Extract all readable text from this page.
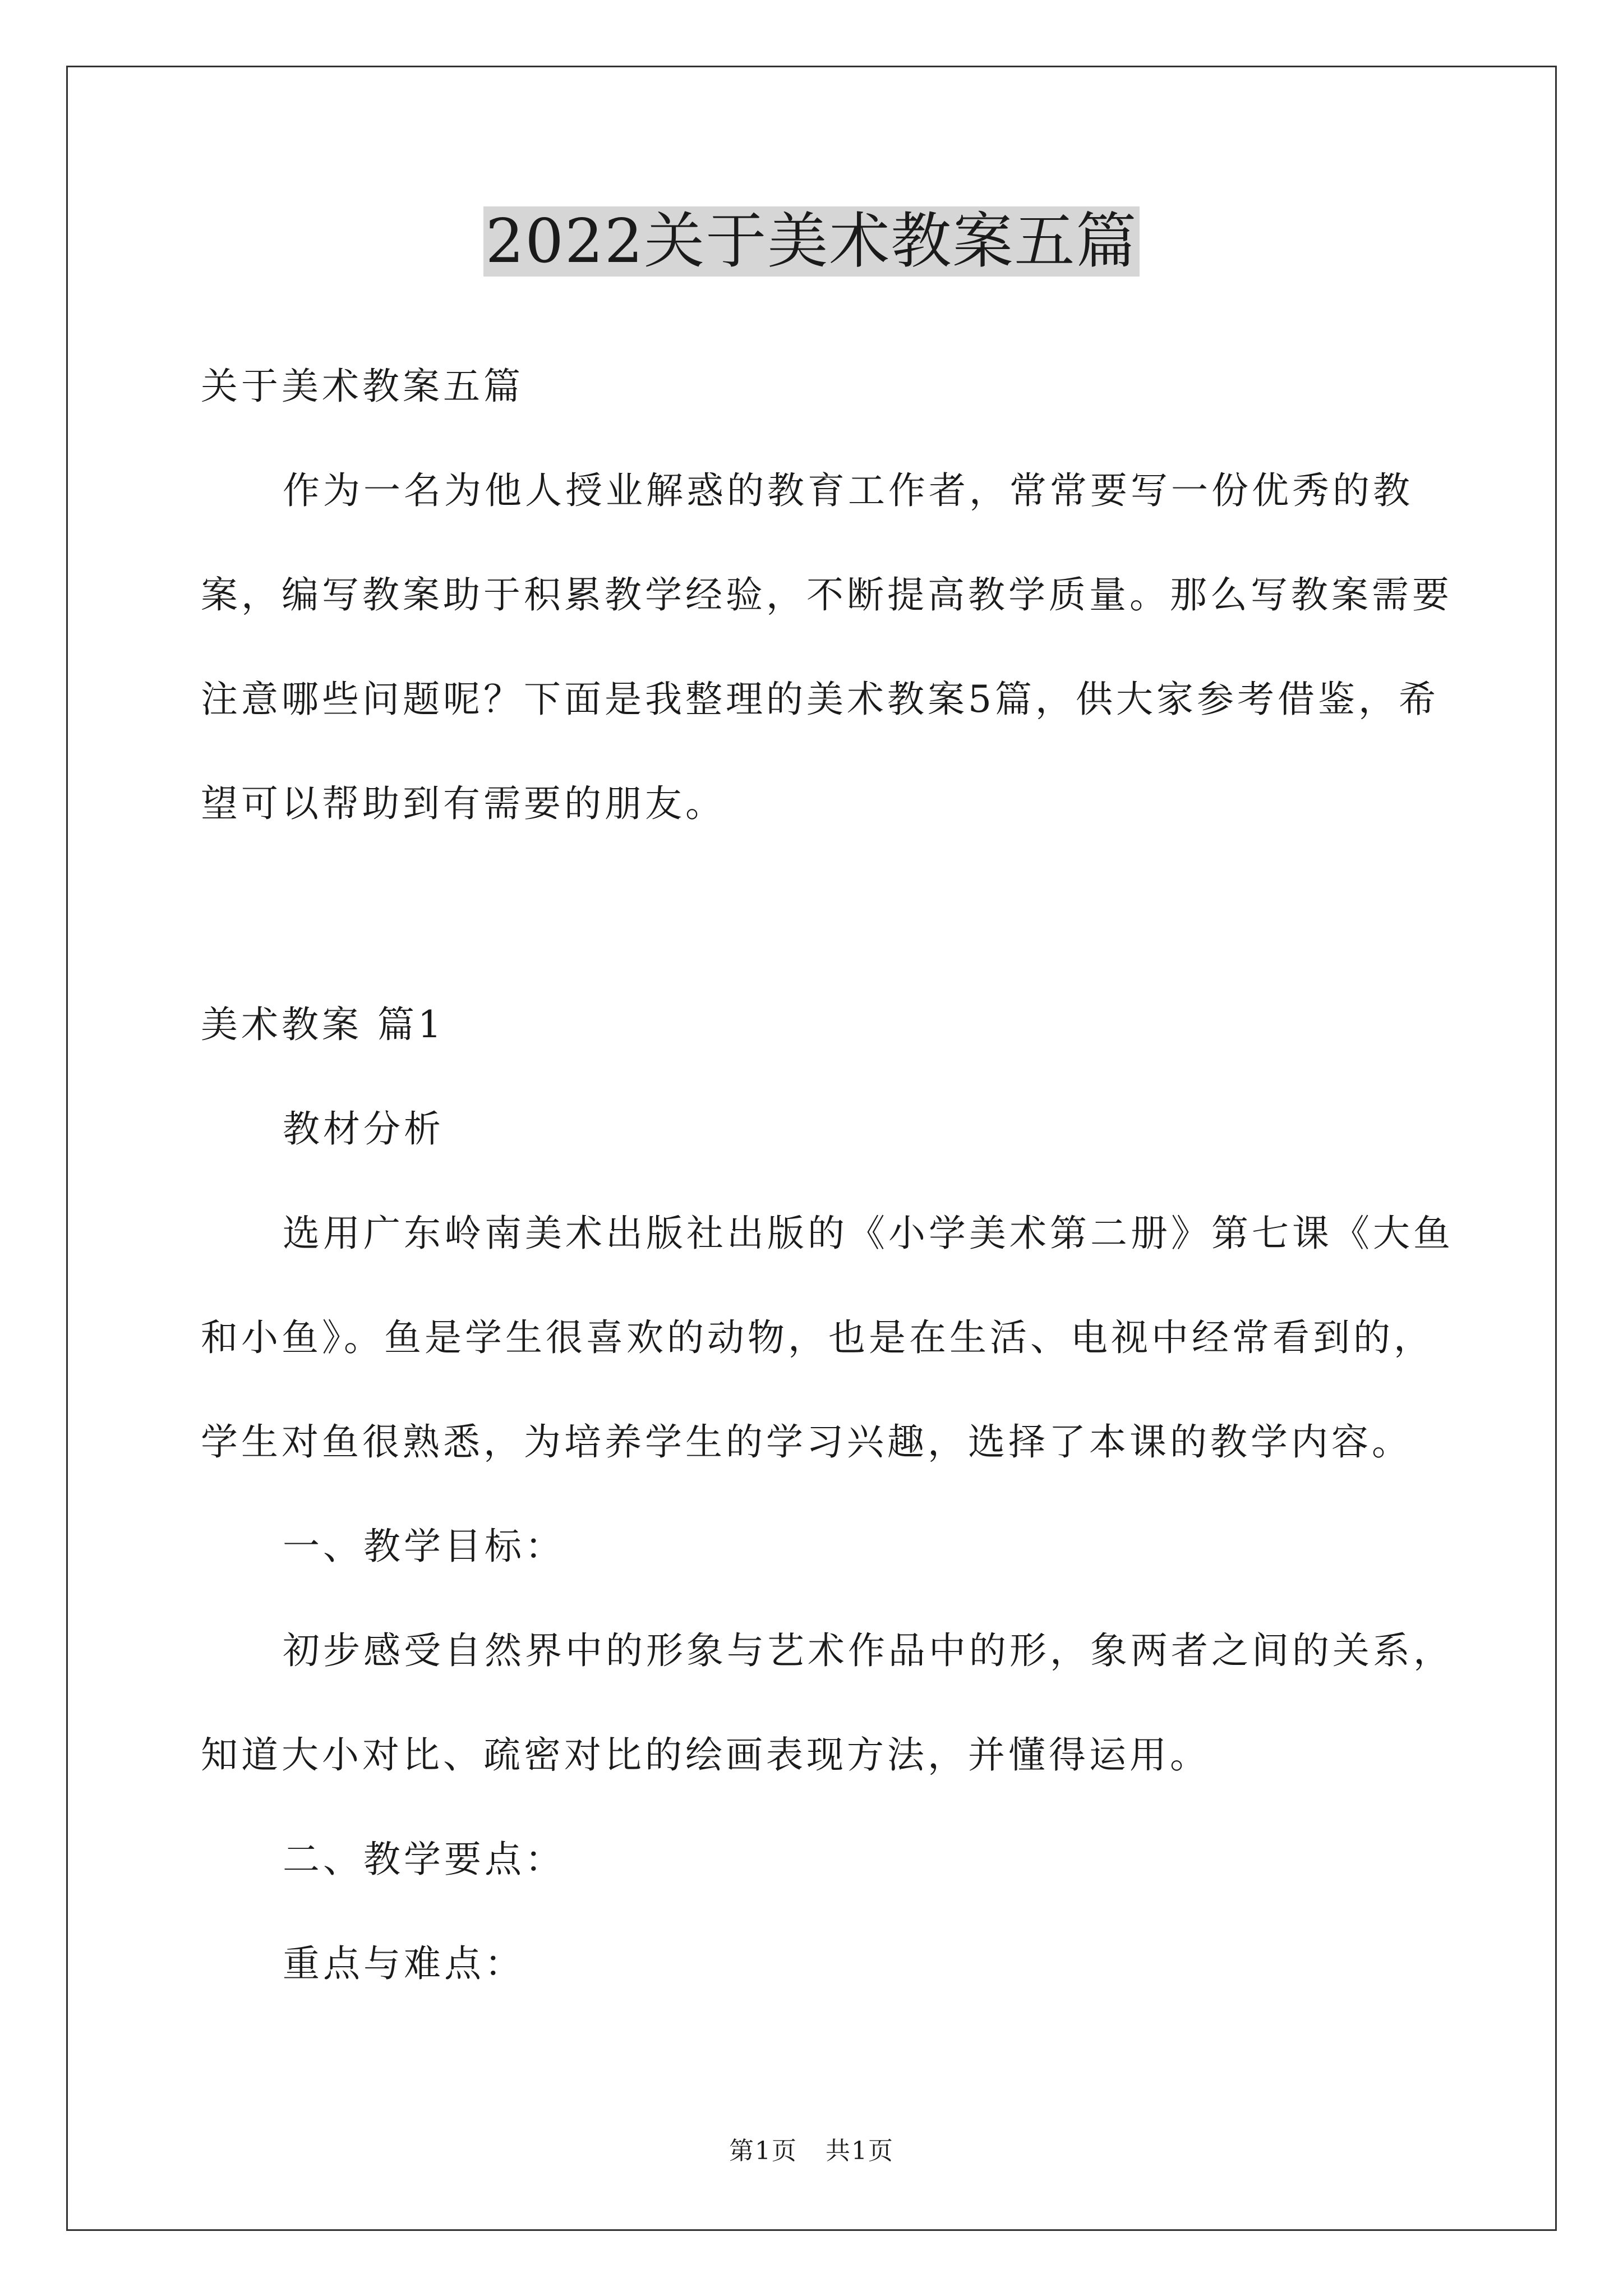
2022关于美术教案五篇

关于美术教案五篇

作为一名为他人授业解惑的教育工作者，常常要写一份优秀的教案，编写教案助于积累教学经验，不断提高教学质量。那么写教案需要注意哪些问题呢？下面是我整理的美术教案5篇，供大家参考借鉴，希望可以帮助到有需要的朋友。

美术教案 篇1

教材分析

选用广东岭南美术出版社出版的《小学美术第二册》第七课《大鱼和小鱼》。鱼是学生很喜欢的动物，也是在生活、电视中经常看到的，学生对鱼很熟悉，为培养学生的学习兴趣，选择了本课的教学内容。

一、教学目标：

初步感受自然界中的形象与艺术作品中的形，象两者之间的关系，知道大小对比、疏密对比的绘画表现方法，并懂得运用。

二、教学要点：

重点与难点：

第1页 共1页
